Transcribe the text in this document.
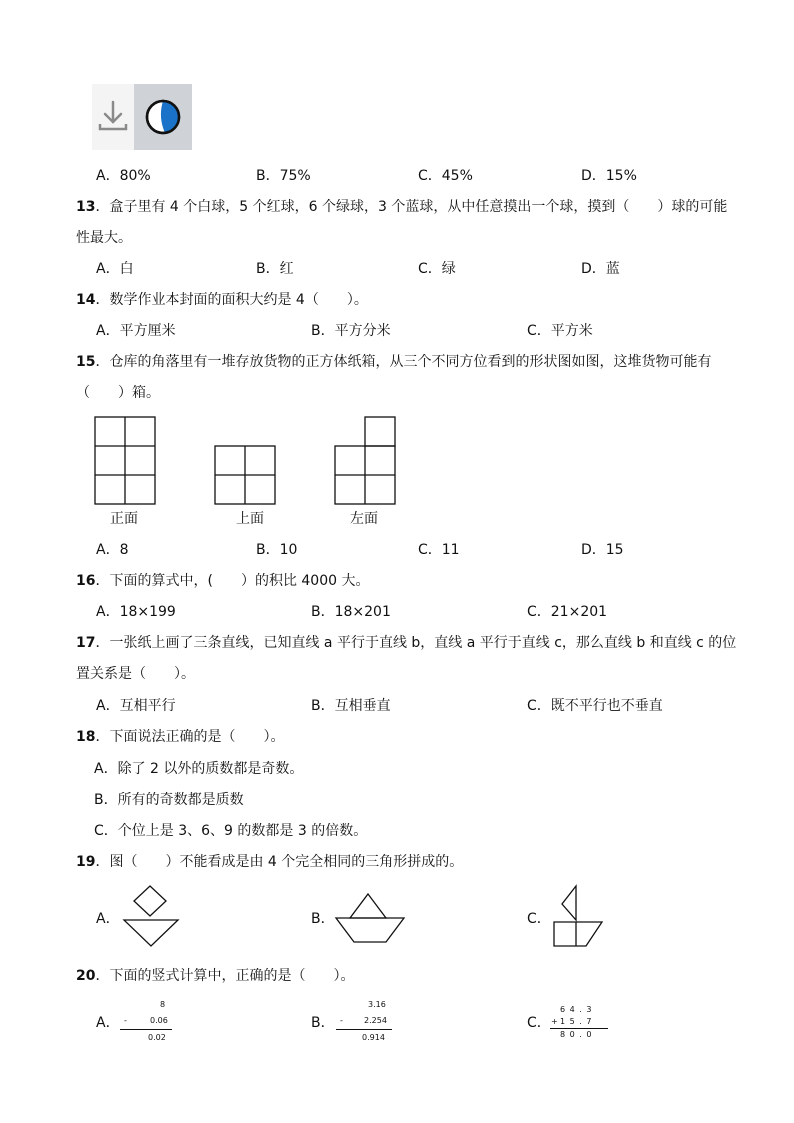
A．80%	B．75%	C．45%	D．15%
13．盒子里有 4 个白球，5 个红球，6 个绿球，3 个蓝球，从中任意摸出一个球，摸到（　　）球的可能
性最大。
A．白	B．红	C．绿	D．蓝
14．数学作业本封面的面积大约是 4（　　）。
A．平方厘米	B．平方分米	C．平方米
15．仓库的角落里有一堆存放货物的正方体纸箱，从三个不同方位看到的形状图如图，这堆货物可能有
（　　）箱。
正面	上面	左面
A．8	B．10	C．11	D．15
16．下面的算式中，(　　）的积比 4000 大。
A．18×199	B．18×201	C．21×201
17．一张纸上画了三条直线，已知直线 a 平行于直线 b，直线 a 平行于直线 c，那么直线 b 和直线 c 的位
置关系是（　　）。
A．互相平行	B．互相垂直	C．既不平行也不垂直
18．下面说法正确的是（　　）。
A．除了 2 以外的质数都是奇数。
B．所有的奇数都是质数
C．个位上是 3、6、9 的数都是 3 的倍数。
19．图（　　）不能看成是由 4 个完全相同的三角形拼成的。
A．	B．	C．
20．下面的竖式计算中，正确的是（　　）。
A．
8
-	0.06
0.02
B．
3.16
-	2.254
0.914
C．
6 4 . 3
+ 1 5 . 7
8 0 . 0
